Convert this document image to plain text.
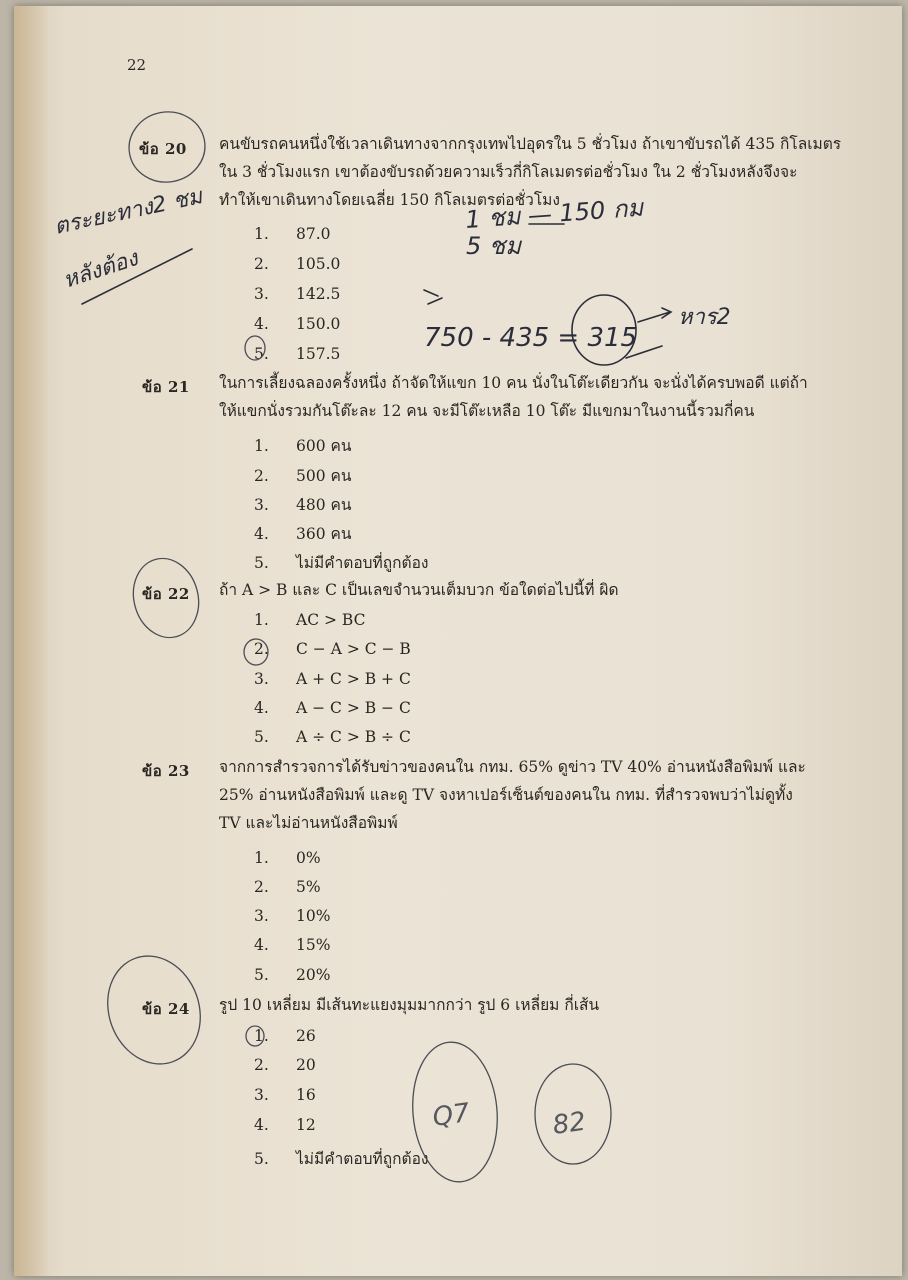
22
ข้อ 20 คนขับรถคนหนึ่งใช้เวลาเดินทางจากกรุงเทพไปอุดรใน 5 ชั่วโมง ถ้าเขาขับรถได้ 435 กิโลเมตร
ใน 3 ชั่วโมงแรก เขาต้องขับรถด้วยความเร็วกี่กิโลเมตรต่อชั่วโมง ใน 2 ชั่วโมงหลังจึงจะ
ทำให้เขาเดินทางโดยเฉลี่ย 150 กิโลเมตรต่อชั่วโมง
1. 87.0
2. 105.0
3. 142.5
4. 150.0
5. 157.5
ข้อ 21 ในการเลี้ยงฉลองครั้งหนึ่ง ถ้าจัดให้แขก 10 คน นั่งในโต๊ะเดียวกัน จะนั่งได้ครบพอดี แต่ถ้า
ให้แขกนั่งรวมกันโต๊ะละ 12 คน จะมีโต๊ะเหลือ 10 โต๊ะ มีแขกมาในงานนี้รวมกี่คน
1. 600 คน
2. 500 คน
3. 480 คน
4. 360 คน
5. ไม่มีคำตอบที่ถูกต้อง
ข้อ 22 ถ้า A > B และ C เป็นเลขจำนวนเต็มบวก ข้อใดต่อไปนี้ที่ ผิด
1. AC > BC
2. C − A > C − B
3. A + C > B + C
4. A − C > B − C
5. A ÷ C > B ÷ C
ข้อ 23 จากการสำรวจการได้รับข่าวของคนใน กทม. 65% ดูข่าว TV 40% อ่านหนังสือพิมพ์ และ
25% อ่านหนังสือพิมพ์ และดู TV จงหาเปอร์เซ็นต์ของคนใน กทม. ที่สำรวจพบว่าไม่ดูทั้ง
TV และไม่อ่านหนังสือพิมพ์
1. 0%
2. 5%
3. 10%
4. 15%
5. 20%
ข้อ 24 รูป 10 เหลี่ยม มีเส้นทะแยงมุมมากกว่า รูป 6 เหลี่ยม กี่เส้น
1. 26
2. 20
3. 16
4. 12
5. ไม่มีคำตอบที่ถูกต้อง
ตระยะทาง2 ชม
หลังต้อง
1 ชม — 150 กม
5 ชม
750 - 435 = 315
หาร2
Q7	82
